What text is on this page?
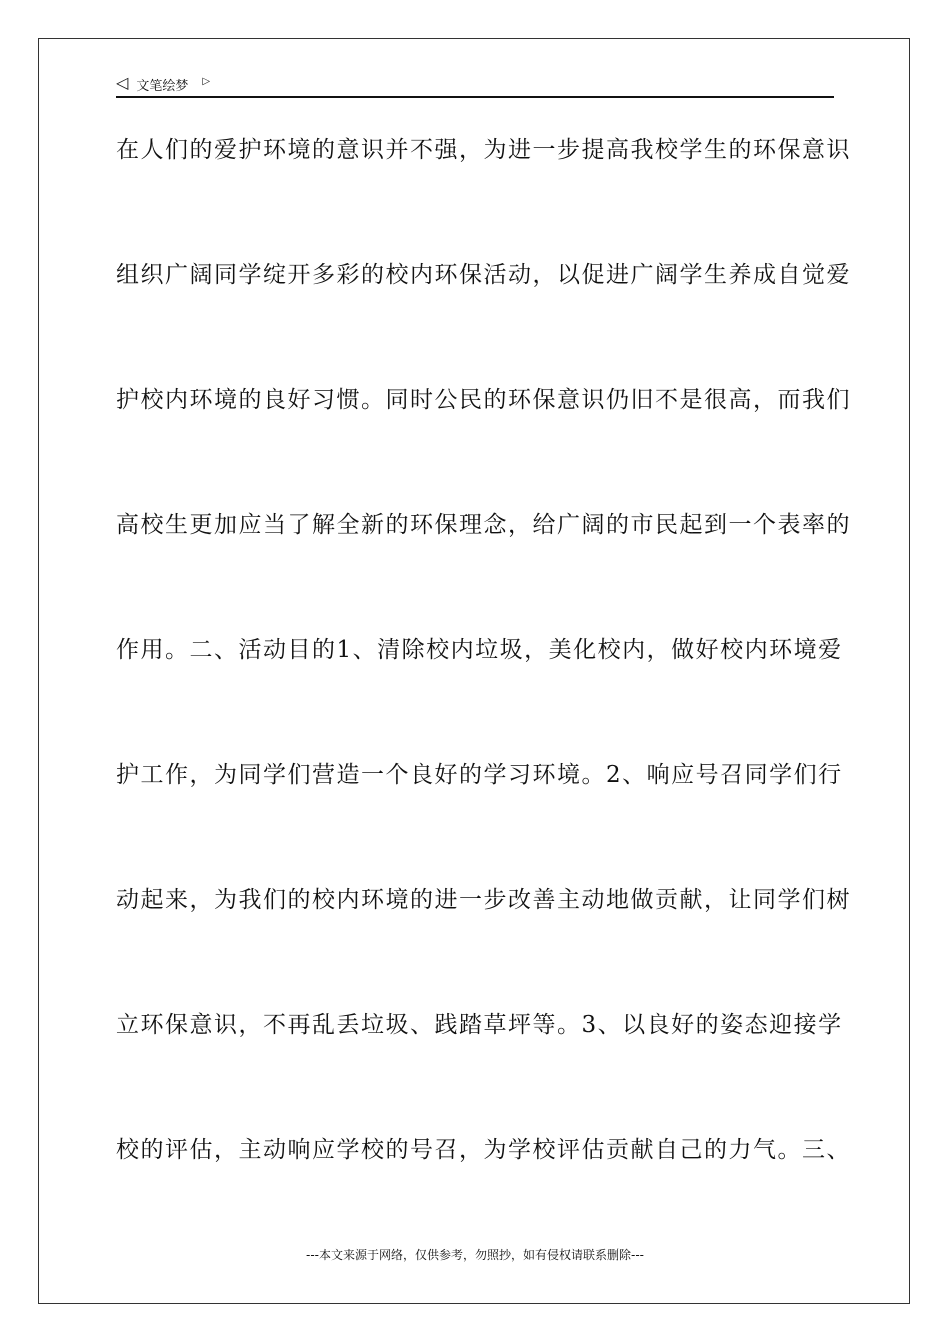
◁ 文笔绘梦 ▷
在人们的爱护环境的意识并不强，为进一步提高我校学生的环保意识
组织广阔同学绽开多彩的校内环保活动，以促进广阔学生养成自觉爱
护校内环境的良好习惯。同时公民的环保意识仍旧不是很高，而我们
高校生更加应当了解全新的环保理念，给广阔的市民起到一个表率的
作用。二、活动目的1、清除校内垃圾，美化校内，做好校内环境爱
护工作，为同学们营造一个良好的学习环境。2、响应号召同学们行
动起来，为我们的校内环境的进一步改善主动地做贡献，让同学们树
立环保意识，不再乱丢垃圾、践踏草坪等。3、以良好的姿态迎接学
校的评估，主动响应学校的号召，为学校评估贡献自己的力气。三、
---本文来源于网络，仅供参考，勿照抄，如有侵权请联系删除---
